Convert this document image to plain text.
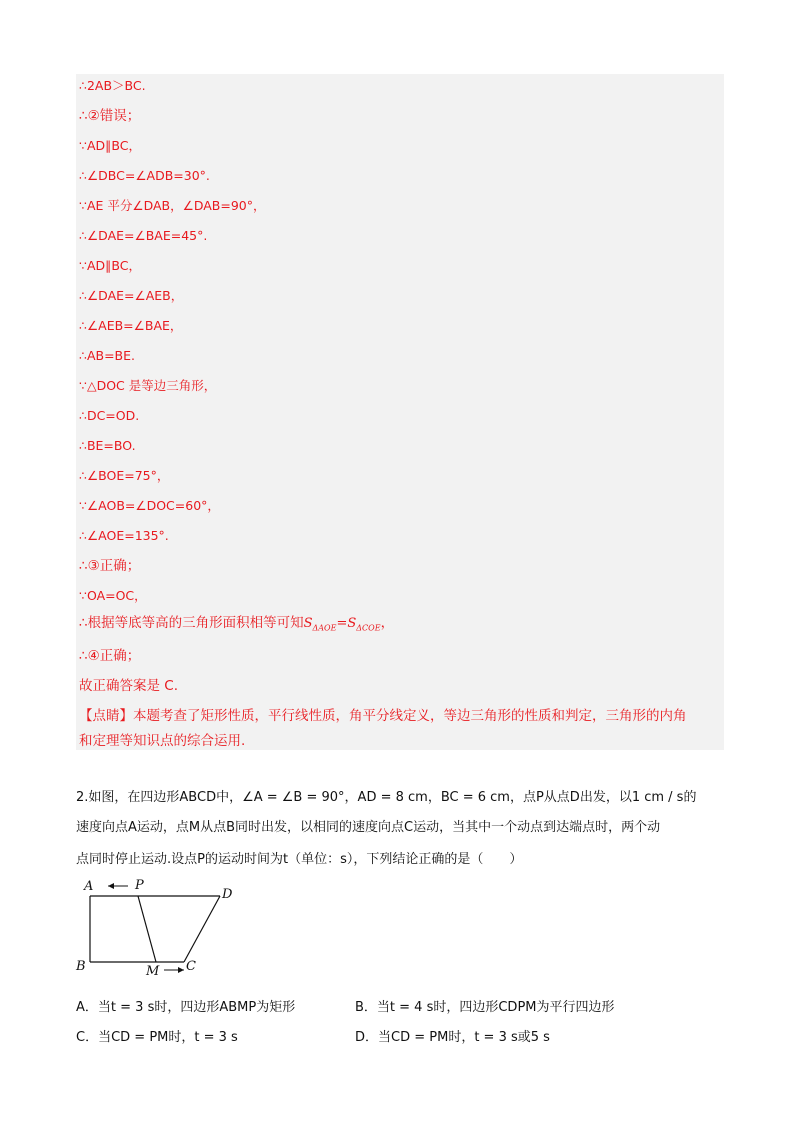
∴2AB＞BC.
∴②错误；
∵AD∥BC，
∴∠DBC=∠ADB=30°.
∵AE 平分∠DAB，∠DAB=90°，
∴∠DAE=∠BAE=45°.
∵AD∥BC，
∴∠DAE=∠AEB，
∴∠AEB=∠BAE，
∴AB=BE.
∵△DOC 是等边三角形，
∴DC=OD.
∴BE=BO.
∴∠BOE=75°，
∵∠AOB=∠DOC=60°，
∴∠AOE=135°.
∴③正确；
∵OA=OC，
∴根据等底等高的三角形面积相等可知$S_{\Delta AOE}=S_{\Delta COE}$，
∴④正确；
故正确答案是 C.
【点睛】本题考查了矩形性质，平行线性质，角平分线定义，等边三角形的性质和判定，三角形的内角
和定理等知识点的综合运用.
2.如图，在四边形ABCD中，∠A = ∠B = 90°，AD = 8 cm，BC = 6 cm，点P从点D出发，以1 cm / s的
速度向点A运动，点M从点B同时出发，以相同的速度向点C运动，当其中一个动点到达端点时，两个动
点同时停止运动.设点P的运动时间为t（单位：s），下列结论正确的是（　　）
A	P
D
B	M C
A．当t = 3 s时，四边形ABMP为矩形	B．当t = 4 s时，四边形CDPM为平行四边形
C．当CD = PM时，t = 3 s	D．当CD = PM时，t = 3 s或5 s
